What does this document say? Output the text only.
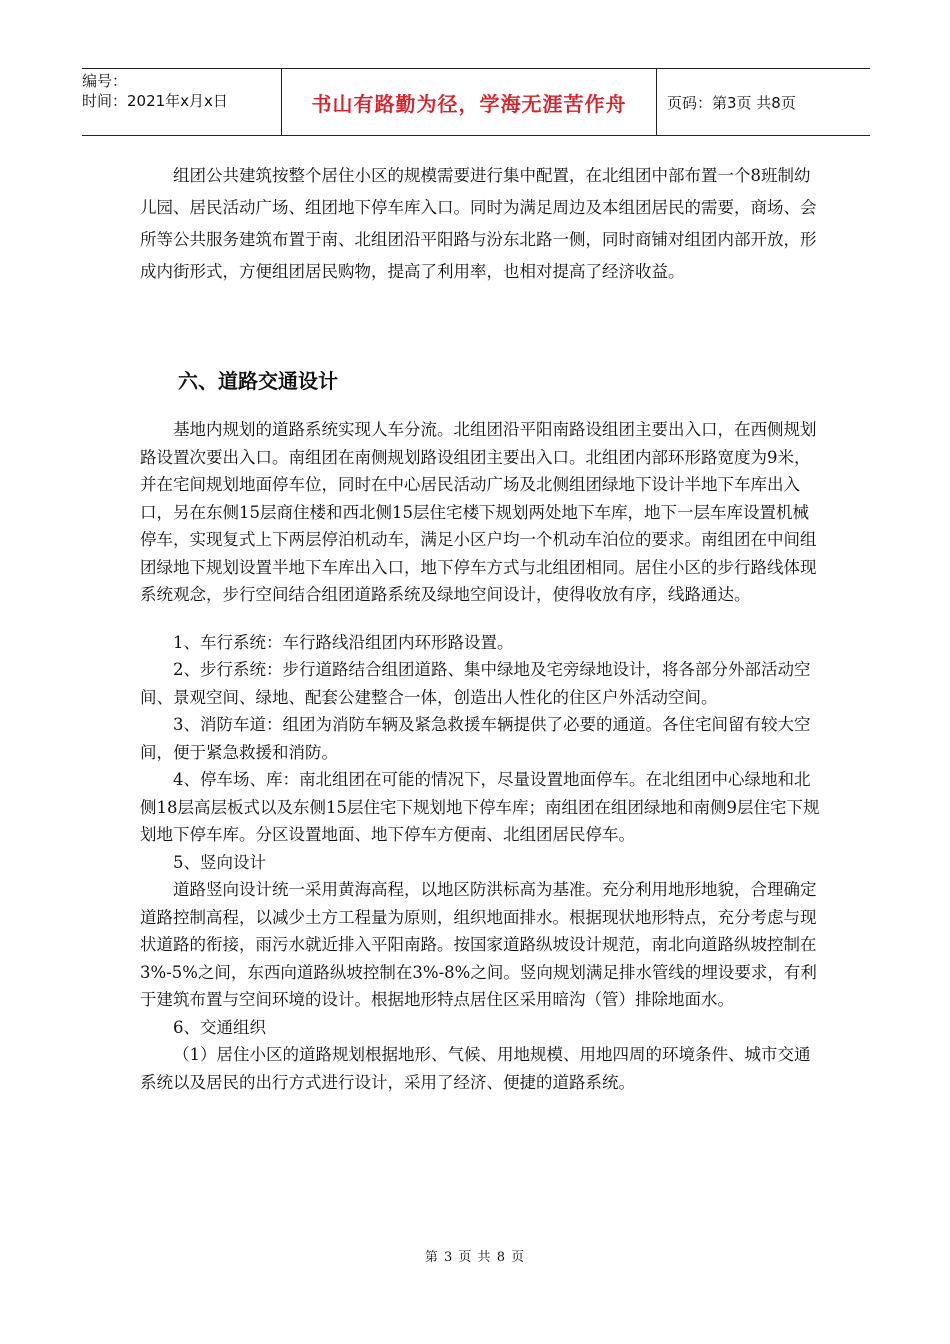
编号：
时间：2021年x月x日	书山有路勤为径，学海无涯苦作舟	页码：第3页 共8页

组团公共建筑按整个居住小区的规模需要进行集中配置，在北组团中部布置一个8班制幼儿园、居民活动广场、组团地下停车库入口。同时为满足周边及本组团居民的需要，商场、会所等公共服务建筑布置于南、北组团沿平阳路与汾东北路一侧，同时商铺对组团内部开放，形成内街形式，方便组团居民购物，提高了利用率，也相对提高了经济收益。

六、道路交通设计

基地内规划的道路系统实现人车分流。北组团沿平阳南路设组团主要出入口，在西侧规划路设置次要出入口。南组团在南侧规划路设组团主要出入口。北组团内部环形路宽度为9米，并在宅间规划地面停车位，同时在中心居民活动广场及北侧组团绿地下设计半地下车库出入口，另在东侧15层商住楼和西北侧15层住宅楼下规划两处地下车库，地下一层车库设置机械停车，实现复式上下两层停泊机动车，满足小区户均一个机动车泊位的要求。南组团在中间组团绿地下规划设置半地下车库出入口，地下停车方式与北组团相同。居住小区的步行路线体现系统观念，步行空间结合组团道路系统及绿地空间设计，使得收放有序，线路通达。

1、车行系统：车行路线沿组团内环形路设置。

2、步行系统：步行道路结合组团道路、集中绿地及宅旁绿地设计，将各部分外部活动空间、景观空间、绿地、配套公建整合一体，创造出人性化的住区户外活动空间。

3、消防车道：组团为消防车辆及紧急救援车辆提供了必要的通道。各住宅间留有较大空间，便于紧急救援和消防。

4、停车场、库：南北组团在可能的情况下，尽量设置地面停车。在北组团中心绿地和北侧18层高层板式以及东侧15层住宅下规划地下停车库；南组团在组团绿地和南侧9层住宅下规划地下停车库。分区设置地面、地下停车方便南、北组团居民停车。

5、竖向设计

道路竖向设计统一采用黄海高程，以地区防洪标高为基准。充分利用地形地貌，合理确定道路控制高程，以减少土方工程量为原则，组织地面排水。根据现状地形特点，充分考虑与现状道路的衔接，雨污水就近排入平阳南路。按国家道路纵坡设计规范，南北向道路纵坡控制在3%-5%之间，东西向道路纵坡控制在3%-8%之间。竖向规划满足排水管线的埋设要求，有利于建筑布置与空间环境的设计。根据地形特点居住区采用暗沟（管）排除地面水。

6、交通组织

（1）居住小区的道路规划根据地形、气候、用地规模、用地四周的环境条件、城市交通系统以及居民的出行方式进行设计，采用了经济、便捷的道路系统。

第 3 页 共 8 页
